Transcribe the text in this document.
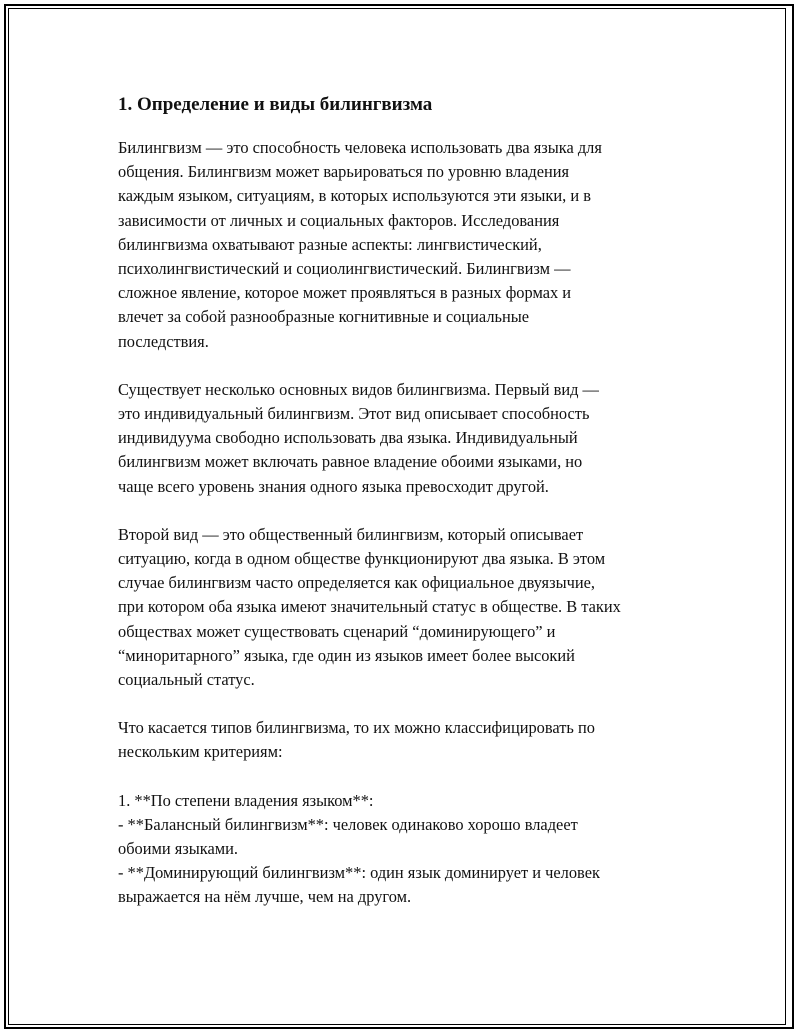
1. Определение и виды билингвизма

Билингвизм — это способность человека использовать два языка для
общения. Билингвизм может варьироваться по уровню владения
каждым языком, ситуациям, в которых используются эти языки, и в
зависимости от личных и социальных факторов. Исследования
билингвизма охватывают разные аспекты: лингвистический,
психолингвистический и социолингвистический. Билингвизм —
сложное явление, которое может проявляться в разных формах и
влечет за собой разнообразные когнитивные и социальные
последствия.

Существует несколько основных видов билингвизма. Первый вид —
это индивидуальный билингвизм. Этот вид описывает способность
индивидуума свободно использовать два языка. Индивидуальный
билингвизм может включать равное владение обоими языками, но
чаще всего уровень знания одного языка превосходит другой.

Второй вид — это общественный билингвизм, который описывает
ситуацию, когда в одном обществе функционируют два языка. В этом
случае билингвизм часто определяется как официальное двуязычие,
при котором оба языка имеют значительный статус в обществе. В таких
обществах может существовать сценарий “доминирующего” и
“миноритарного” языка, где один из языков имеет более высокий
социальный статус.

Что касается типов билингвизма, то их можно классифицировать по
нескольким критериям:

1. **По степени владения языком**:
- **Балансный билингвизм**: человек одинаково хорошо владеет
обоими языками.
- **Доминирующий билингвизм**: один язык доминирует и человек
выражается на нём лучше, чем на другом.
